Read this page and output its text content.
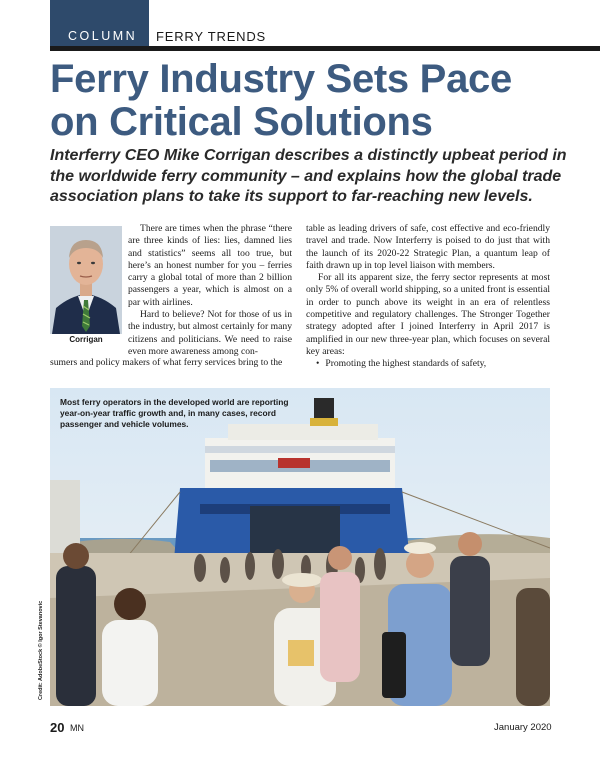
COLUMN FERRY TRENDS
Ferry Industry Sets Pace
on Critical Solutions

Interferry CEO Mike Corrigan describes a distinctly upbeat period in the worldwide ferry community – and explains how the global trade association plans to take its support to far-reaching new levels.

Corrigan

There are times when the phrase “there are three kinds of lies: lies, damned lies and statistics” seems all too true, but here’s an honest number for you – ferries carry a global total of more than 2 billion passengers a year, which is almost on a par with airlines.

Hard to believe? Not for those of us in the industry, but almost certainly for many citizens and politicians. We need to raise even more awareness among con-

sumers and policy makers of what ferry services bring to the

table as leading drivers of safe, cost effective and eco-friendly travel and trade. Now Interferry is poised to do just that with the launch of its 2020-22 Strategic Plan, a quantum leap of faith drawn up in top level liaison with members.

For all its apparent size, the ferry sector represents at most only 5% of overall world shipping, so a united front is essential in order to punch above its weight in an era of relentless competitive and regulatory challenges. The Stronger Together strategy adopted after I joined Interferry in April 2017 is amplified in our new three-year plan, which focuses on several key areas:

• Promoting the highest standards of safety,
Most ferry operators in the developed world are reporting year-on-year traffic growth and, in many cases, record passenger and vehicle volumes.
Credit: AdobeStock © Igor Stevanovic
20 MN	January 2020
